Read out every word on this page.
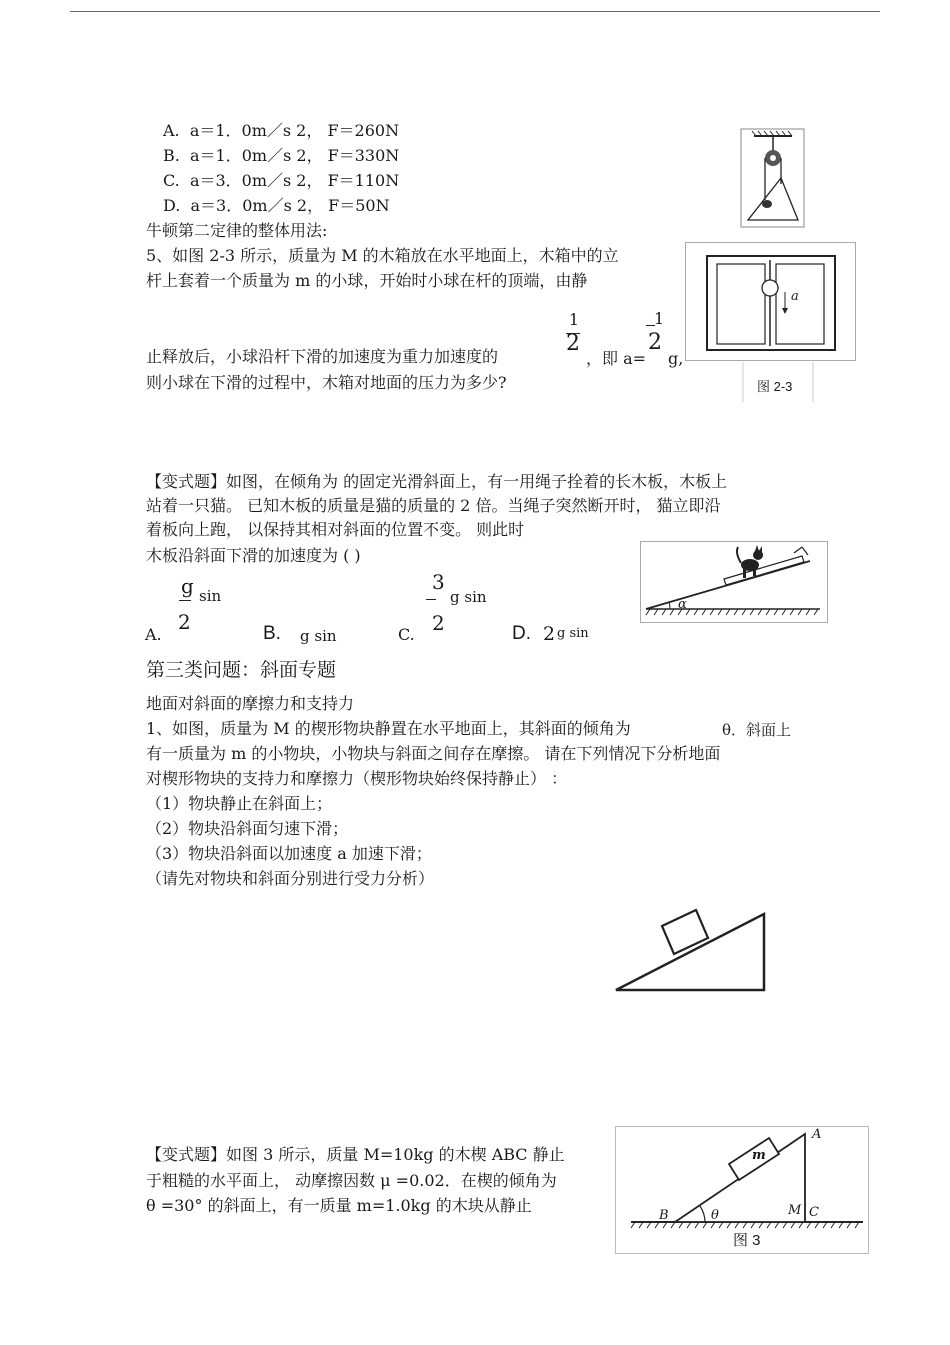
A. a＝1．0m／s 2， F＝260N
B. a＝1．0m／s 2， F＝330N
C. a＝3．0m／s 2， F＝110N
D. a＝3．0m／s 2， F＝50N
牛顿第二定律的整体用法:
5、如图 2-3 所示，质量为 M 的木箱放在水平地面上，木箱中的立
杆上套着一个质量为 m 的小球，开始时小球在杆的顶端，由静
止释放后，小球沿杆下滑的加速度为重力加速度的
1
2
，即 a=
1
2
g,
则小球在下滑的过程中，木箱对地面的压力为多少?
a
图 2-3
【变式题】如图，在倾角为 的固定光滑斜面上，有一用绳子拴着的长木板，木板上
站着一只猫。 已知木板的质量是猫的质量的 2 倍。当绳子突然断开时， 猫立即沿
着板向上跑， 以保持其相对斜面的位置不变。 则此时
木板沿斜面下滑的加速度为 ( )
α
g sin
2
A.	B. g sin
3
g sin
2
C.	D. 2 g sin
第三类问题：斜面专题
地面对斜面的摩擦力和支持力
1、如图，质量为 M 的楔形物块静置在水平地面上，其斜面的倾角为	θ．斜面上
有一质量为 m 的小物块，小物块与斜面之间存在摩擦。 请在下列情况下分析地面
对楔形物块的支持力和摩擦力（楔形物块始终保持静止） ：
（1）物块静止在斜面上；
（2）物块沿斜面匀速下滑；
（3）物块沿斜面以加速度 a 加速下滑；
（请先对物块和斜面分别进行受力分析）
【变式题】如图 3 所示，质量 M=10kg 的木楔 ABC 静止
于粗糙的水平面上， 动摩擦因数 μ =0.02．在楔的倾角为
θ =30° 的斜面上，有一质量 m=1.0kg 的木块从静止
B
A
C
M
m
θ
图 3
